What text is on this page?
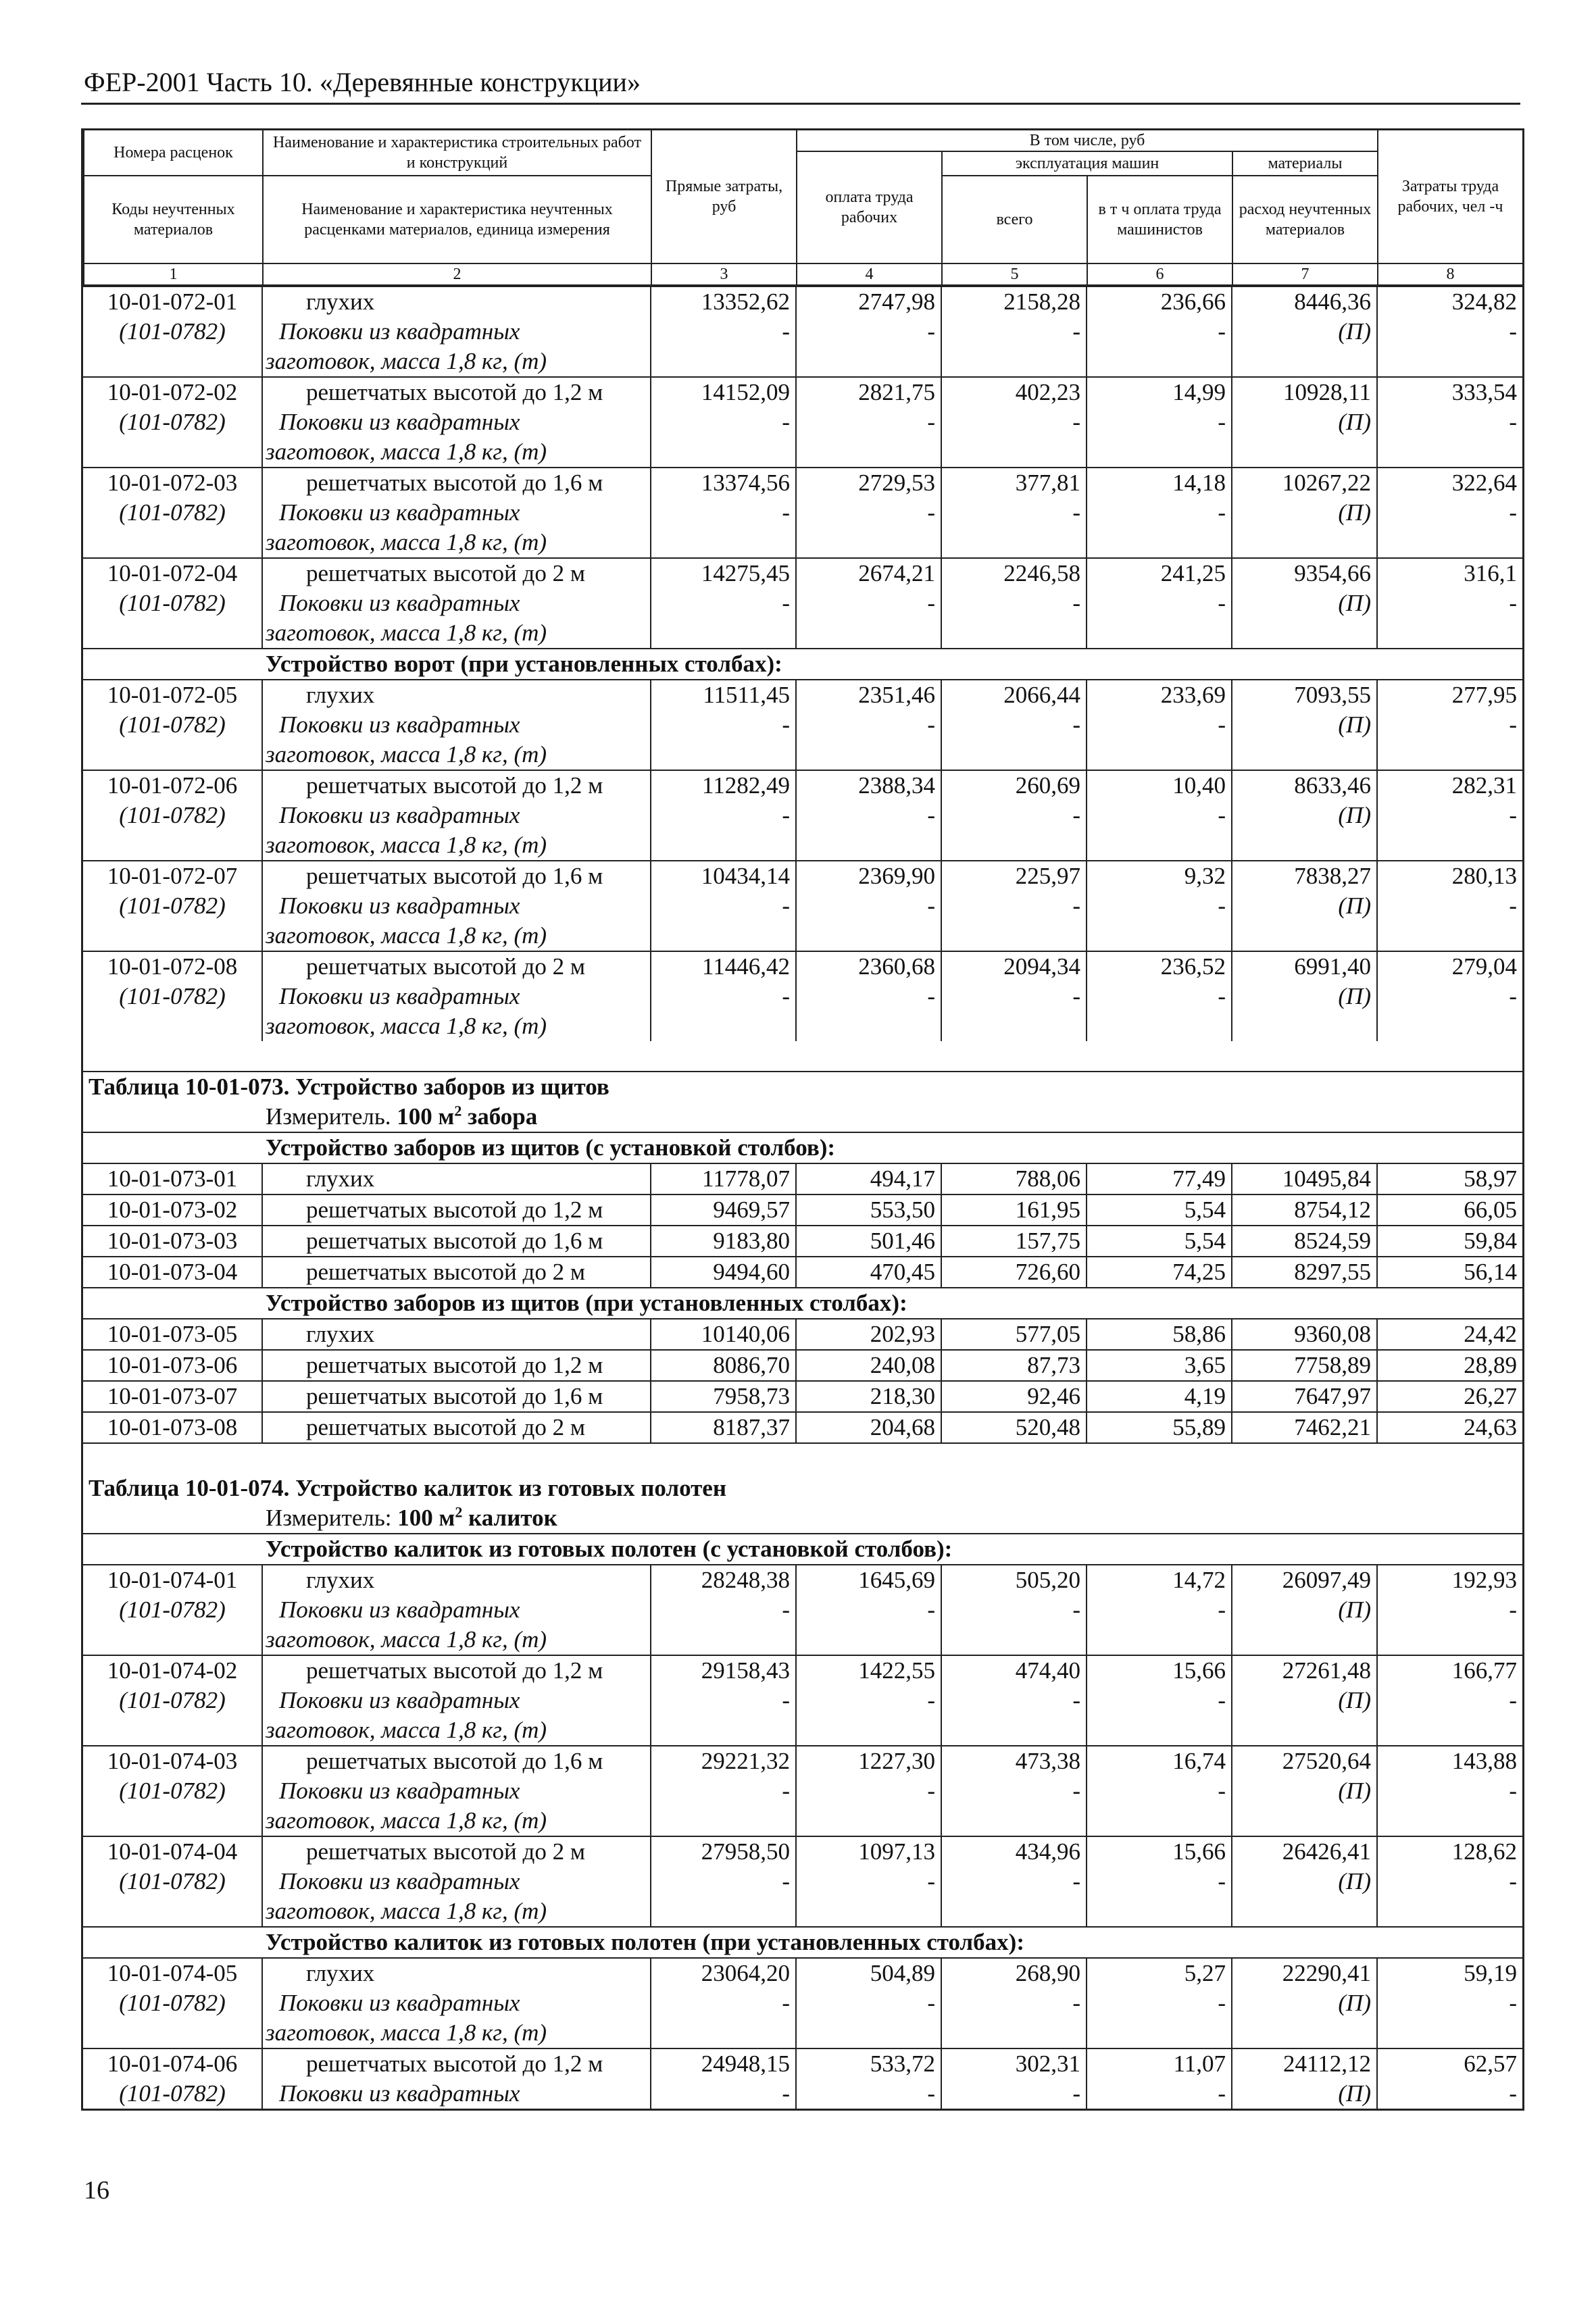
ФЕР-2001 Часть 10. «Деревянные конструкции»
Номера расценок	Наименование и характеристика строительных работ и конструкций	Прямые затраты, руб	В том числе, руб				Затраты труда рабочих, чел -ч
			оплата труда рабочих	эксплуатация машин		материалы	
Коды неучтенных материалов	Наименование и характеристика неучтенных расценками материалов, единица измерения			всего	в т ч оплата труда машинистов	расход неучтенных материалов	

1	2	3	4	5	6	7	8
10-01-072-01	глухих	13352,62	2747,98	2158,28	236,66	8446,36	324,82
(101-0782)	Поковки из квадратных	-	-	-	-	(П)	-
	заготовок, масса 1,8 кг, (т)						
10-01-072-02	решетчатых высотой до 1,2 м	14152,09	2821,75	402,23	14,99	10928,11	333,54
(101-0782)	Поковки из квадратных	-	-	-	-	(П)	-
	заготовок, масса 1,8 кг, (т)						
10-01-072-03	решетчатых высотой до 1,6 м	13374,56	2729,53	377,81	14,18	10267,22	322,64
(101-0782)	Поковки из квадратных	-	-	-	-	(П)	-
	заготовок, масса 1,8 кг, (т)						
10-01-072-04	решетчатых высотой до 2 м	14275,45	2674,21	2246,58	241,25	9354,66	316,1
(101-0782)	Поковки из квадратных	-	-	-	-	(П)	-
	заготовок, масса 1,8 кг, (т)						
Устройство ворот (при установленных столбах):							
10-01-072-05	глухих	11511,45	2351,46	2066,44	233,69	7093,55	277,95
(101-0782)	Поковки из квадратных	-	-	-	-	(П)	-
	заготовок, масса 1,8 кг, (т)						
10-01-072-06	решетчатых высотой до 1,2 м	11282,49	2388,34	260,69	10,40	8633,46	282,31
(101-0782)	Поковки из квадратных	-	-	-	-	(П)	-
	заготовок, масса 1,8 кг, (т)						
10-01-072-07	решетчатых высотой до 1,6 м	10434,14	2369,90	225,97	9,32	7838,27	280,13
(101-0782)	Поковки из квадратных	-	-	-	-	(П)	-
	заготовок, масса 1,8 кг, (т)						
10-01-072-08	решетчатых высотой до 2 м	11446,42	2360,68	2094,34	236,52	6991,40	279,04
(101-0782)	Поковки из квадратных	-	-	-	-	(П)	-
	заготовок, масса 1,8 кг, (т)						

Таблица 10-01-073. Устройство заборов из щитов							
Измеритель. 100 $м^2$ забора							
Устройство заборов из щитов (с установкой столбов):							
10-01-073-01	глухих	11778,07	494,17	788,06	77,49	10495,84	58,97
10-01-073-02	решетчатых высотой до 1,2 м	9469,57	553,50	161,95	5,54	8754,12	66,05
10-01-073-03	решетчатых высотой до 1,6 м	9183,80	501,46	157,75	5,54	8524,59	59,84
10-01-073-04	решетчатых высотой до 2 м	9494,60	470,45	726,60	74,25	8297,55	56,14
Устройство заборов из щитов (при установленных столбах):							
10-01-073-05	глухих	10140,06	202,93	577,05	58,86	9360,08	24,42
10-01-073-06	решетчатых высотой до 1,2 м	8086,70	240,08	87,73	3,65	7758,89	28,89
10-01-073-07	решетчатых высотой до 1,6 м	7958,73	218,30	92,46	4,19	7647,97	26,27
10-01-073-08	решетчатых высотой до 2 м	8187,37	204,68	520,48	55,89	7462,21	24,63

Таблица 10-01-074. Устройство калиток из готовых полотен							
Измеритель: 100 $м^2$ калиток							
Устройство калиток из готовых полотен (с установкой столбов):							
10-01-074-01	глухих	28248,38	1645,69	505,20	14,72	26097,49	192,93
(101-0782)	Поковки из квадратных	-	-	-	-	(П)	-
	заготовок, масса 1,8 кг, (т)						
10-01-074-02	решетчатых высотой до 1,2 м	29158,43	1422,55	474,40	15,66	27261,48	166,77
(101-0782)	Поковки из квадратных	-	-	-	-	(П)	-
	заготовок, масса 1,8 кг, (т)						
10-01-074-03	решетчатых высотой до 1,6 м	29221,32	1227,30	473,38	16,74	27520,64	143,88
(101-0782)	Поковки из квадратных	-	-	-	-	(П)	-
	заготовок, масса 1,8 кг, (т)						
10-01-074-04	решетчатых высотой до 2 м	27958,50	1097,13	434,96	15,66	26426,41	128,62
(101-0782)	Поковки из квадратных	-	-	-	-	(П)	-
	заготовок, масса 1,8 кг, (т)						
Устройство калиток из готовых полотен (при установленных столбах):							
10-01-074-05	глухих	23064,20	504,89	268,90	5,27	22290,41	59,19
(101-0782)	Поковки из квадратных	-	-	-	-	(П)	-
	заготовок, масса 1,8 кг, (т)						
10-01-074-06	решетчатых высотой до 1,2 м	24948,15	533,72	302,31	11,07	24112,12	62,57
(101-0782)	Поковки из квадратных	-	-	-	-	(П)	-
16
